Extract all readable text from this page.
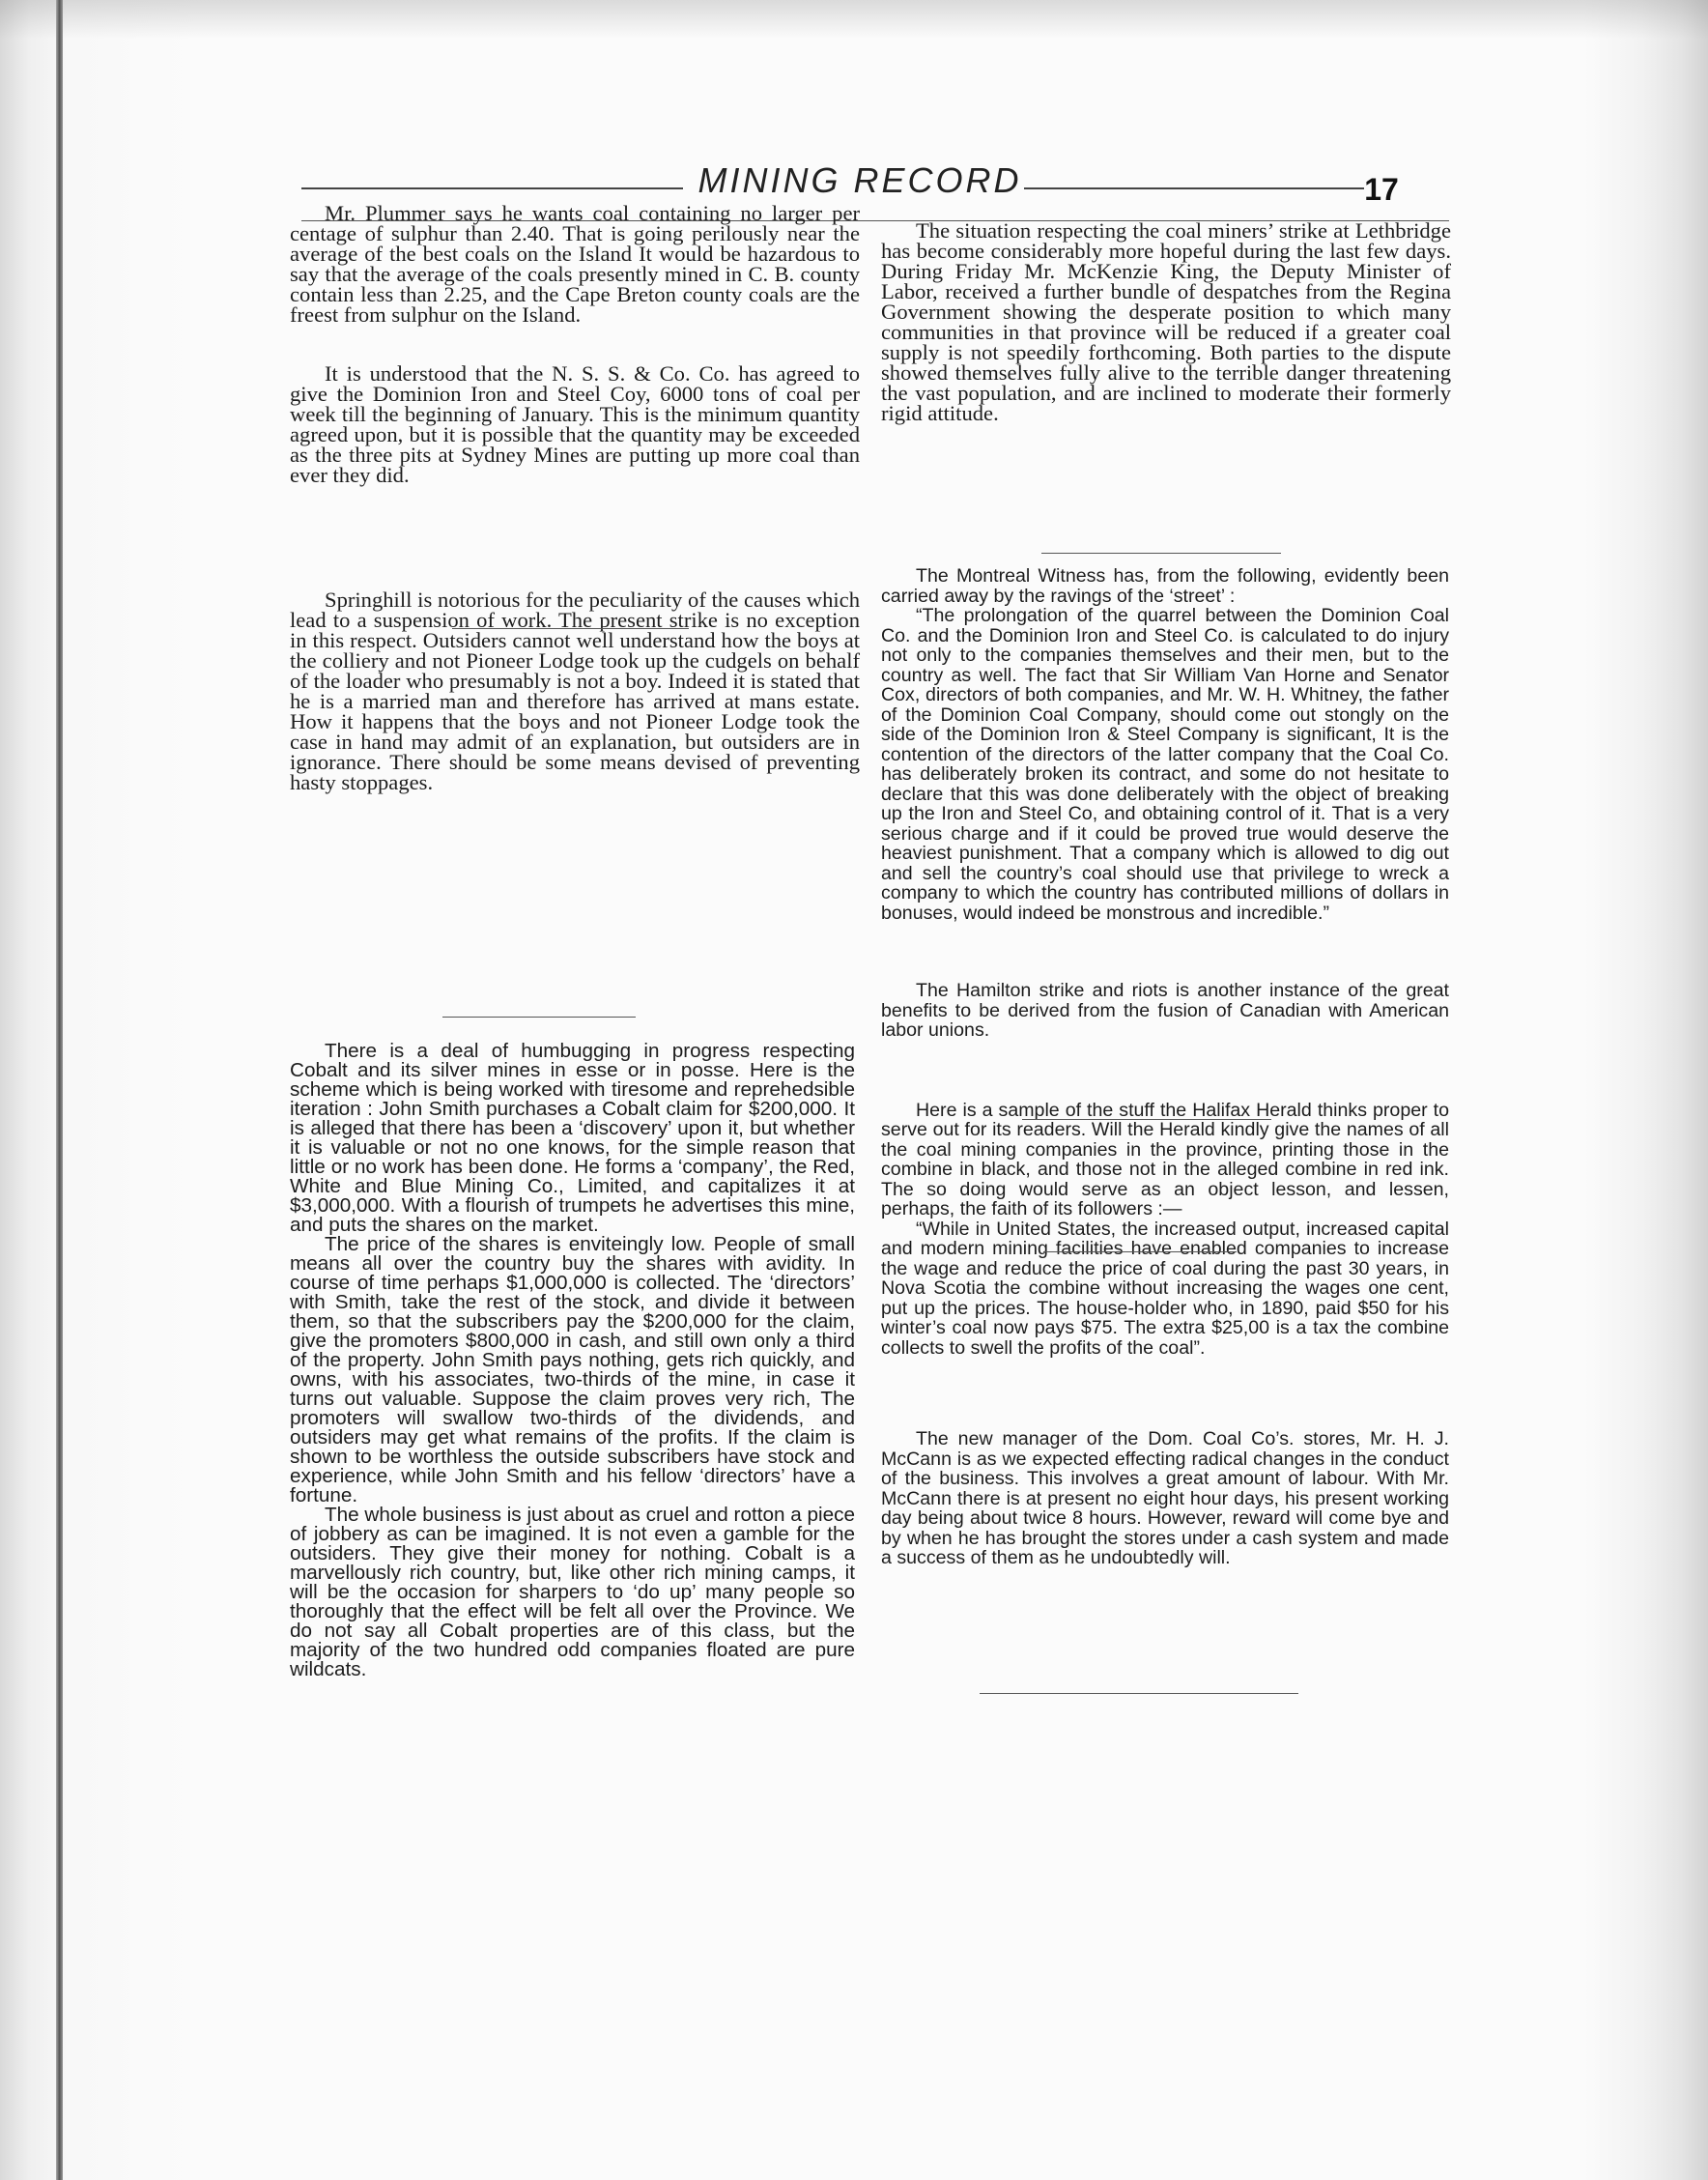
MINING RECORD	17

Mr. Plummer says he wants coal containing no larger per centage of sulphur than 2.40. That is going perilously near the average of the best coals on the Island It would be hazardous to say that the average of the coals presently mined in C. B. county contain less than 2.25, and the Cape Breton county coals are the freest from sulphur on the Island.

It is understood that the N. S. S. & Co. Co. has agreed to give the Dominion Iron and Steel Coy, 6000 tons of coal per week till the beginning of January. This is the minimum quantity agreed upon, but it is possible that the quantity may be exceeded as the three pits at Sydney Mines are putting up more coal than ever they did.

Springhill is notorious for the peculiarity of the causes which lead to a suspension of work. The present strike is no exception in this respect. Outsiders cannot well understand how the boys at the colliery and not Pioneer Lodge took up the cudgels on behalf of the loader who presumably is not a boy. Indeed it is stated that he is a married man and therefore has arrived at mans estate. How it happens that the boys and not Pioneer Lodge took the case in hand may admit of an explanation, but outsiders are in ignorance. There should be some means devised of preventing hasty stoppages.

There is a deal of humbugging in progress respecting Cobalt and its silver mines in esse or in posse. Here is the scheme which is being worked with tiresome and reprehedsible iteration : John Smith purchases a Cobalt claim for $200,000. It is alleged that there has been a ‘discovery’ upon it, but whether it is valuable or not no one knows, for the simple reason that little or no work has been done. He forms a ‘company’, the Red, White and Blue Mining Co., Limited, and capitalizes it at $3,000,000. With a flourish of trumpets he advertises this mine, and puts the shares on the market.

The price of the shares is enviteingly low. People of small means all over the country buy the shares with avidity. In course of time perhaps $1,000,000 is collected. The ‘directors’ with Smith, take the rest of the stock, and divide it between them, so that the subscribers pay the $200,000 for the claim, give the promoters $800,000 in cash, and still own only a third of the property. John Smith pays nothing, gets rich quickly, and owns, with his associates, two-thirds of the mine, in case it turns out valuable. Suppose the claim proves very rich, The promoters will swallow two-thirds of the dividends, and outsiders may get what remains of the profits. If the claim is shown to be worthless the outside subscribers have stock and experience, while John Smith and his fellow ‘directors’ have a fortune.

The whole business is just about as cruel and rotton a piece of jobbery as can be imagined. It is not even a gamble for the outsiders. They give their money for nothing. Cobalt is a marvellously rich country, but, like other rich mining camps, it will be the occasion for sharpers to ‘do up’ many people so thoroughly that the effect will be felt all over the Province. We do not say all Cobalt properties are of this class, but the majority of the two hundred odd companies floated are pure wildcats.

The situation respecting the coal miners’ strike at Lethbridge has become considerably more hopeful during the last few days. During Friday Mr. McKenzie King, the Deputy Minister of Labor, received a further bundle of despatches from the Regina Government showing the desperate position to which many communities in that province will be reduced if a greater coal supply is not speedily forthcoming. Both parties to the dispute showed themselves fully alive to the terrible danger threatening the vast population, and are inclined to moderate their formerly rigid attitude.

The Montreal Witness has, from the following, evidently been carried away by the ravings of the ‘street’ :

“The prolongation of the quarrel between the Dominion Coal Co. and the Dominion Iron and Steel Co. is calculated to do injury not only to the companies themselves and their men, but to the country as well. The fact that Sir William Van Horne and Senator Cox, directors of both companies, and Mr. W. H. Whitney, the father of the Dominion Coal Company, should come out stongly on the side of the Dominion Iron & Steel Company is significant, It is the contention of the directors of the latter company that the Coal Co. has deliberately broken its contract, and some do not hesitate to declare that this was done deliberately with the object of breaking up the Iron and Steel Co, and obtaining control of it. That is a very serious charge and if it could be proved true would deserve the heaviest punishment. That a company which is allowed to dig out and sell the country’s coal should use that privilege to wreck a company to which the country has contributed millions of dollars in bonuses, would indeed be monstrous and incredible.”

The Hamilton strike and riots is another instance of the great benefits to be derived from the fusion of Canadian with American labor unions.

Here is a sample of the stuff the Halifax Herald thinks proper to serve out for its readers. Will the Herald kindly give the names of all the coal mining companies in the province, printing those in the combine in black, and those not in the alleged combine in red ink. The so doing would serve as an object lesson, and lessen, perhaps, the faith of its followers :—

“While in United States, the increased output, increased capital and modern mining facilities have enabled companies to increase the wage and reduce the price of coal during the past 30 years, in Nova Scotia the combine without increasing the wages one cent, put up the prices. The house-holder who, in 1890, paid $50 for his winter’s coal now pays $75. The extra $25,00 is a tax the combine collects to swell the profits of the coal”.

The new manager of the Dom. Coal Co’s. stores, Mr. H. J. McCann is as we expected effecting radical changes in the conduct of the business. This involves a great amount of labour. With Mr. McCann there is at present no eight hour days, his present working day being about twice 8 hours. However, reward will come bye and by when he has brought the stores under a cash system and made a success of them as he undoubtedly will.
